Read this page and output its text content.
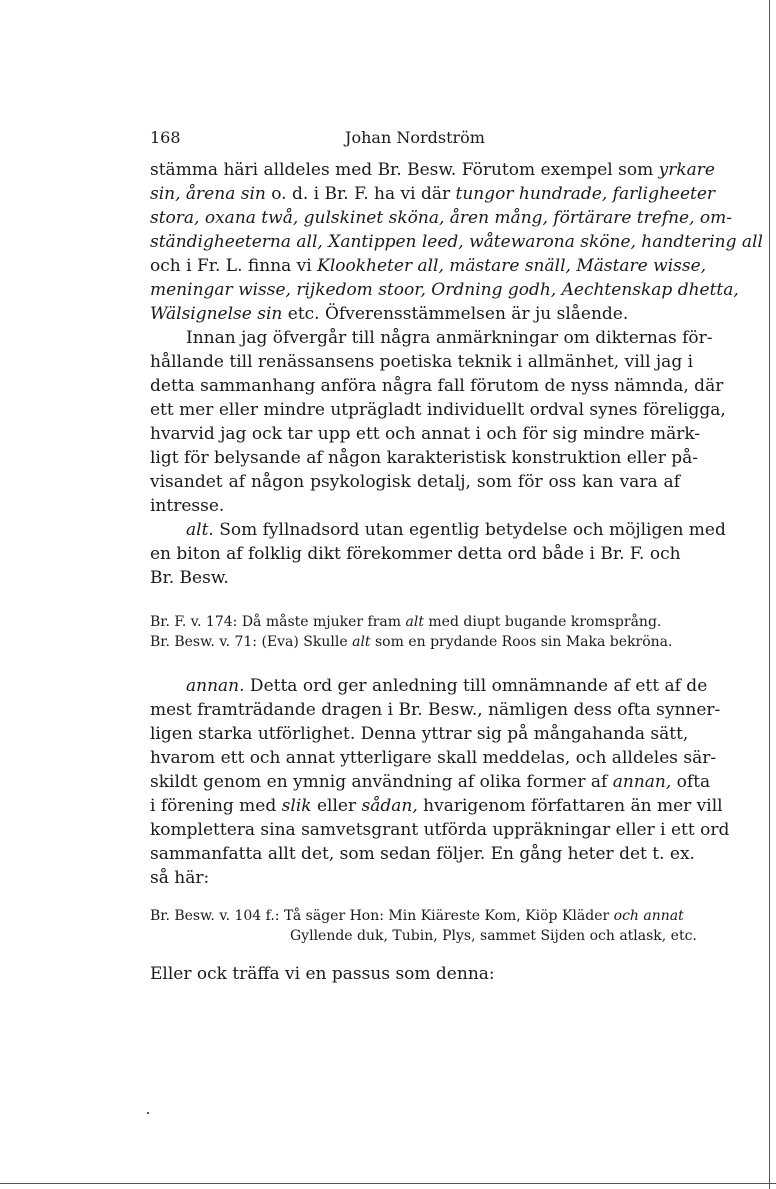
168	Johan Nordström
stämma häri alldeles med Br. Besw. Förutom exempel som yrkare
sin, årena sin o. d. i Br. F. ha vi där tungor hundrade, farligheeter
stora, oxana twå, gulskinet sköna, åren mång, förtärare trefne, om-
ständigheeterna all, Xantippen leed, wåtewarona sköne, handtering all
och i Fr. L. finna vi Klookheter all, mästare snäll, Mästare wisse,
meningar wisse, rijkedom stoor, Ordning godh, Aechtenskap dhetta,
Wälsignelse sin etc. Öfverensstämmelsen är ju slående.
Innan jag öfvergår till några anmärkningar om dikternas för-
hållande till renässansens poetiska teknik i allmänhet, vill jag i
detta sammanhang anföra några fall förutom de nyss nämnda, där
ett mer eller mindre utprägladt individuellt ordval synes föreligga,
hvarvid jag ock tar upp ett och annat i och för sig mindre märk-
ligt för belysande af någon karakteristisk konstruktion eller på-
visandet af någon psykologisk detalj, som för oss kan vara af
intresse.
alt. Som fyllnadsord utan egentlig betydelse och möjligen med
en biton af folklig dikt förekommer detta ord både i Br. F. och
Br. Besw.
Br. F. v. 174: Då måste mjuker fram alt med diupt bugande kromsprång.
Br. Besw. v. 71: (Eva) Skulle alt som en prydande Roos sin Maka bekröna.
annan. Detta ord ger anledning till omnämnande af ett af de
mest framträdande dragen i Br. Besw., nämligen dess ofta synner-
ligen starka utförlighet. Denna yttrar sig på mångahanda sätt,
hvarom ett och annat ytterligare skall meddelas, och alldeles sär-
skildt genom en ymnig användning af olika former af annan, ofta
i förening med slik eller sådan, hvarigenom författaren än mer vill
komplettera sina samvetsgrant utförda uppräkningar eller i ett ord
sammanfatta allt det, som sedan följer. En gång heter det t. ex.
så här:
Br. Besw. v. 104 f.: Tå säger Hon: Min Kiäreste Kom, Kiöp Kläder och annat
Gyllende duk, Tubin, Plys, sammet Sijden och atlask, etc.
Eller ock träffa vi en passus som denna:
